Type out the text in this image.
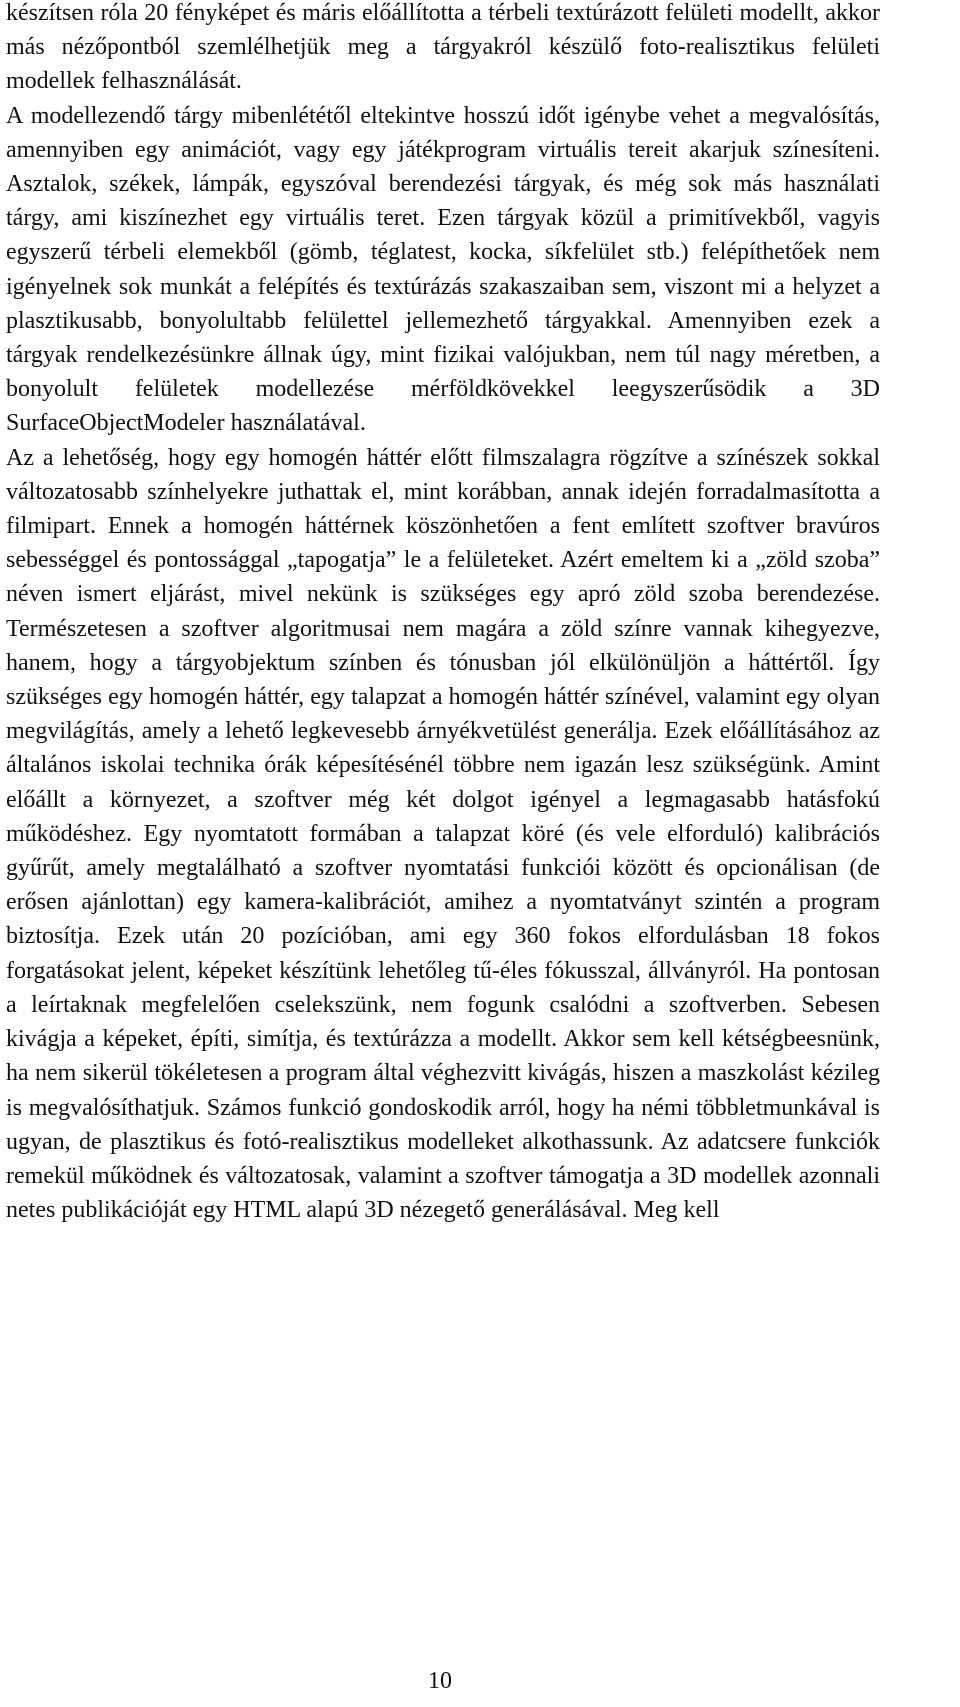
készítsen róla 20 fényképet és máris előállította a térbeli textúrázott felületi modellt, akkor más nézőpontból szemlélhetjük meg a tárgyakról készülő foto-realisztikus felületi modellek felhasználását.

A modellezendő tárgy mibenlététől eltekintve hosszú időt igénybe vehet a megvalósítás, amennyiben egy animációt, vagy egy játékprogram virtuális tereit akarjuk színesíteni. Asztalok, székek, lámpák, egyszóval berendezési tárgyak, és még sok más használati tárgy, ami kiszínezhet egy virtuális teret. Ezen tárgyak közül a primitívekből, vagyis egyszerű térbeli elemekből (gömb, téglatest, kocka, síkfelület stb.) felépíthetőek nem igényelnek sok munkát a felépítés és textúrázás szakaszaiban sem, viszont mi a helyzet a plasztikusabb, bonyolultabb felülettel jellemezhető tárgyakkal. Amennyiben ezek a tárgyak rendelkezésünkre állnak úgy, mint fizikai valójukban, nem túl nagy méretben, a bonyolult felületek modellezése mérföldkövekkel leegyszerűsödik a 3D SurfaceObjectModeler használatával.

Az a lehetőség, hogy egy homogén háttér előtt filmszalagra rögzítve a színészek sokkal változatosabb színhelyekre juthattak el, mint korábban, annak idején forradalmasította a filmipart. Ennek a homogén háttérnek köszönhetően a fent említett szoftver bravúros sebességgel és pontossággal „tapogatja” le a felületeket. Azért emeltem ki a „zöld szoba” néven ismert eljárást, mivel nekünk is szükséges egy apró zöld szoba berendezése. Természetesen a szoftver algoritmusai nem magára a zöld színre vannak kihegyezve, hanem, hogy a tárgyobjektum színben és tónusban jól elkülönüljön a háttértől. Így szükséges egy homogén háttér, egy talapzat a homogén háttér színével, valamint egy olyan megvilágítás, amely a lehető legkevesebb árnyékvetülést generálja. Ezek előállításához az általános iskolai technika órák képesítésénél többre nem igazán lesz szükségünk. Amint előállt a környezet, a szoftver még két dolgot igényel a legmagasabb hatásfokú működéshez. Egy nyomtatott formában a talapzat köré (és vele elforduló) kalibrációs gyűrűt, amely megtalálható a szoftver nyomtatási funkciói között és opcionálisan (de erősen ajánlottan) egy kamera-kalibrációt, amihez a nyomtatványt szintén a program biztosítja. Ezek után 20 pozícióban, ami egy 360 fokos elfordulásban 18 fokos forgatásokat jelent, képeket készítünk lehetőleg tű-éles fókusszal, állványról. Ha pontosan a leírtaknak megfelelően cselekszünk, nem fogunk csalódni a szoftverben. Sebesen kivágja a képeket, építi, simítja, és textúrázza a modellt. Akkor sem kell kétségbeesnünk, ha nem sikerül tökéletesen a program által véghezvitt kivágás, hiszen a maszkolást kézileg is megvalósíthatjuk. Számos funkció gondoskodik arról, hogy ha némi többletmunkával is ugyan, de plasztikus és fotó-realisztikus modelleket alkothassunk. Az adatcsere funkciók remekül működnek és változatosak, valamint a szoftver támogatja a 3D modellek azonnali netes publikációját egy HTML alapú 3D nézegető generálásával. Meg kell

10
